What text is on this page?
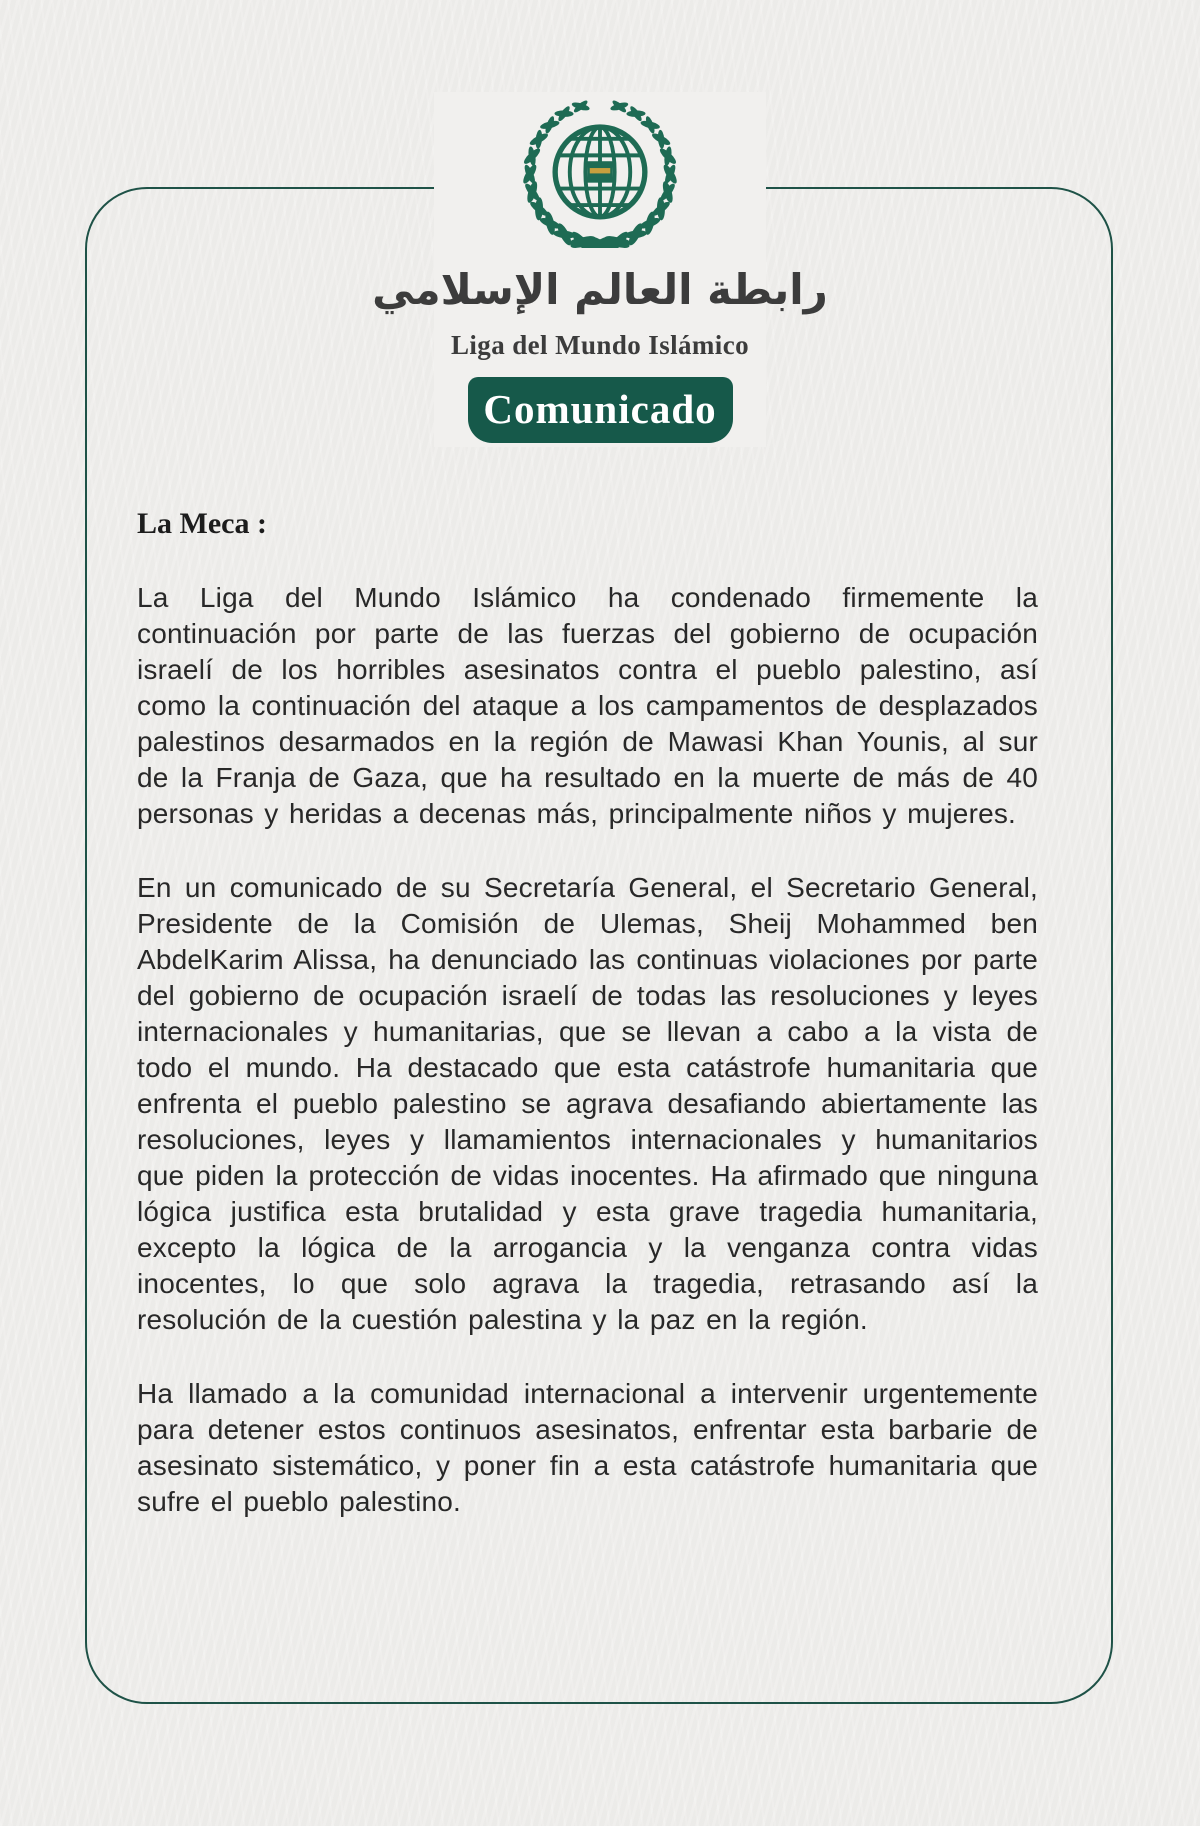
رابطة العالم الإسلامي
Liga del Mundo Islámico
Comunicado
La Meca :

La Liga del Mundo Islámico ha condenado firmemente la continuación por parte de las fuerzas del gobierno de ocupación israelí de los horribles asesinatos contra el pueblo palestino, así como la continuación del ataque a los campamentos de desplazados palestinos desarmados en la región de Mawasi Khan Younis, al sur de la Franja de Gaza, que ha resultado en la muerte de más de 40 personas y heridas a decenas más, principalmente niños y mujeres.

En un comunicado de su Secretaría General, el Secretario General, Presidente de la Comisión de Ulemas, Sheij Mohammed ben AbdelKarim Alissa, ha denunciado las continuas violaciones por parte del gobierno de ocupación israelí de todas las resoluciones y leyes internacionales y humanitarias, que se llevan a cabo a la vista de todo el mundo. Ha destacado que esta catástrofe humanitaria que enfrenta el pueblo palestino se agrava desafiando abiertamente las resoluciones, leyes y llamamientos internacionales y humanitarios que piden la protección de vidas inocentes. Ha afirmado que ninguna lógica justifica esta brutalidad y esta grave tragedia humanitaria, excepto la lógica de la arrogancia y la venganza contra vidas inocentes, lo que solo agrava la tragedia, retrasando así la resolución de la cuestión palestina y la paz en la región.

Ha llamado a la comunidad internacional a intervenir urgentemente para detener estos continuos asesinatos, enfrentar esta barbarie de asesinato sistemático, y poner fin a esta catástrofe humanitaria que sufre el pueblo palestino.
